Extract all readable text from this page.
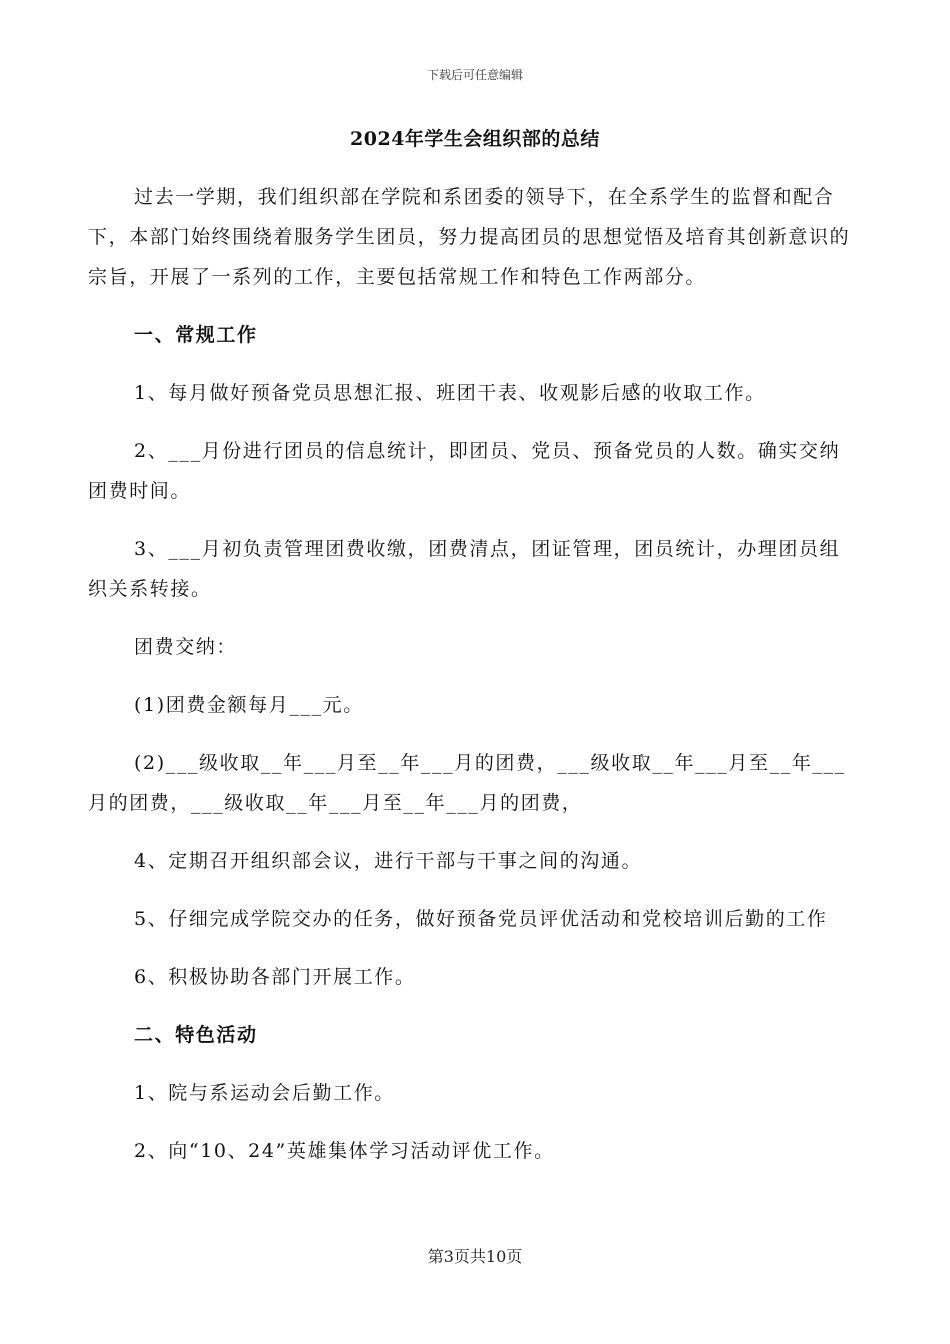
下载后可任意编辑
2024年学生会组织部的总结

过去一学期，我们组织部在学院和系团委的领导下，在全系学生的监督和配合下，本部门始终围绕着服务学生团员，努力提高团员的思想觉悟及培育其创新意识的宗旨，开展了一系列的工作，主要包括常规工作和特色工作两部分。

一、常规工作

1、每月做好预备党员思想汇报、班团干表、收观影后感的收取工作。

2、___月份进行团员的信息统计，即团员、党员、预备党员的人数。确实交纳团费时间。

3、___月初负责管理团费收缴，团费清点，团证管理，团员统计，办理团员组织关系转接。

团费交纳：

(1)团费金额每月___元。

(2)___级收取__年___月至__年___月的团费，___级收取__年___月至__年___月的团费，___级收取__年___月至__年___月的团费，

4、定期召开组织部会议，进行干部与干事之间的沟通。

5、仔细完成学院交办的任务，做好预备党员评优活动和党校培训后勤的工作

6、积极协助各部门开展工作。

二、特色活动

1、院与系运动会后勤工作。

2、向“10、24”英雄集体学习活动评优工作。

第3页共10页
